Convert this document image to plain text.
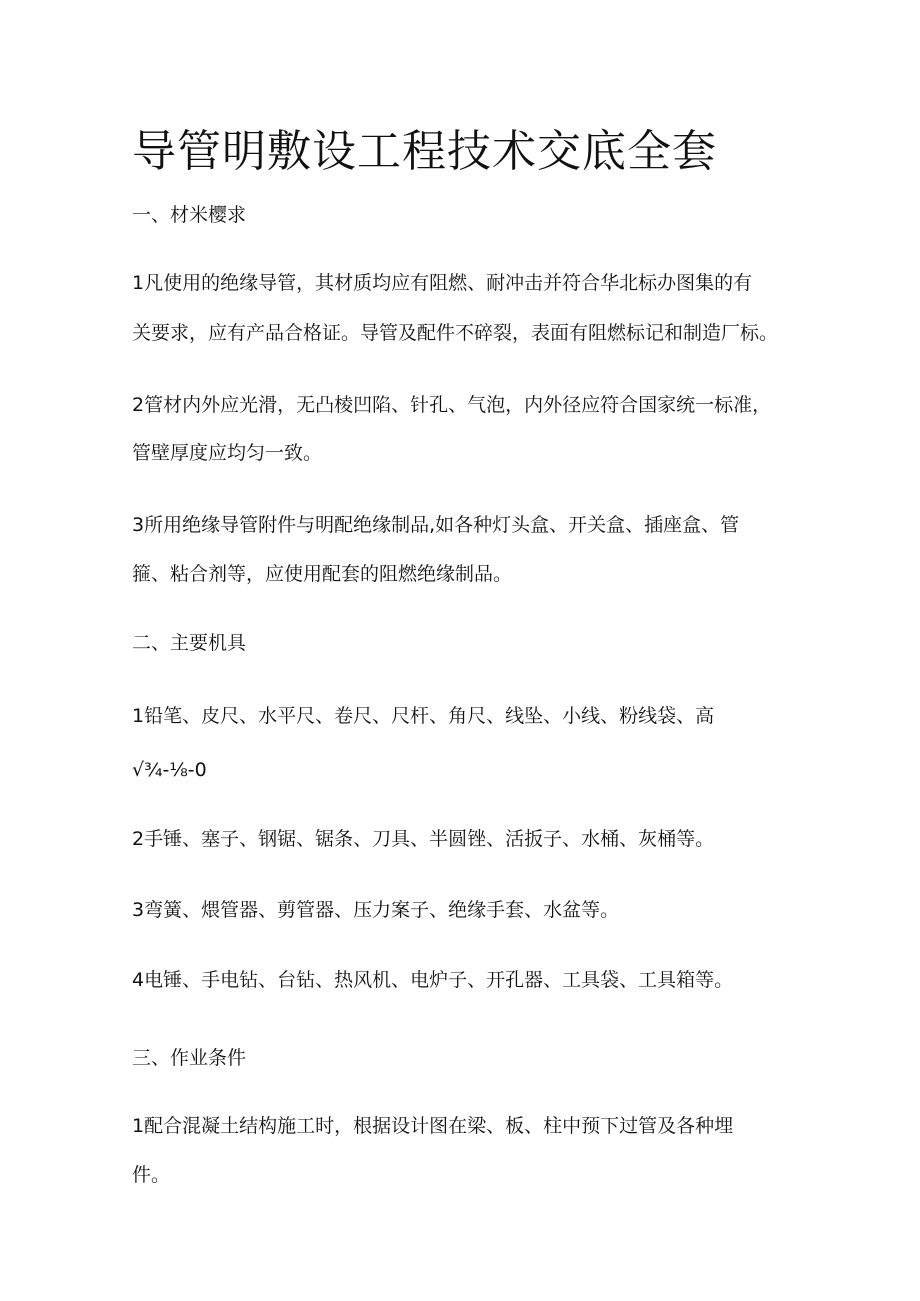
导管明敷设工程技术交底全套

一、材米樱求

1凡使用的绝缘导管，其材质均应有阻燃、耐冲击并符合华北标办图集的有

关要求，应有产品合格证。导管及配件不碎裂，表面有阻燃标记和制造厂标。

2管材内外应光滑，无凸棱凹陷、针孔、气泡，内外径应符合国家统一标准，

管壁厚度应均匀一致。

3所用绝缘导管附件与明配绝缘制品,如各种灯头盒、开关盒、插座盒、管

箍、粘合剂等，应使用配套的阻燃绝缘制品。

二、主要机具

1铅笔、皮尺、水平尺、卷尺、尺杆、角尺、线坠、小线、粉线袋、高

√¾-⅛-0

2手锤、塞子、钢锯、锯条、刀具、半圆锉、活扳子、水桶、灰桶等。

3弯簧、煨管器、剪管器、压力案子、绝缘手套、水盆等。

4电锤、手电钻、台钻、热风机、电炉子、开孔器、工具袋、工具箱等。

三、作业条件

1配合混凝土结构施工时，根据设计图在梁、板、柱中预下过管及各种埋

件。
